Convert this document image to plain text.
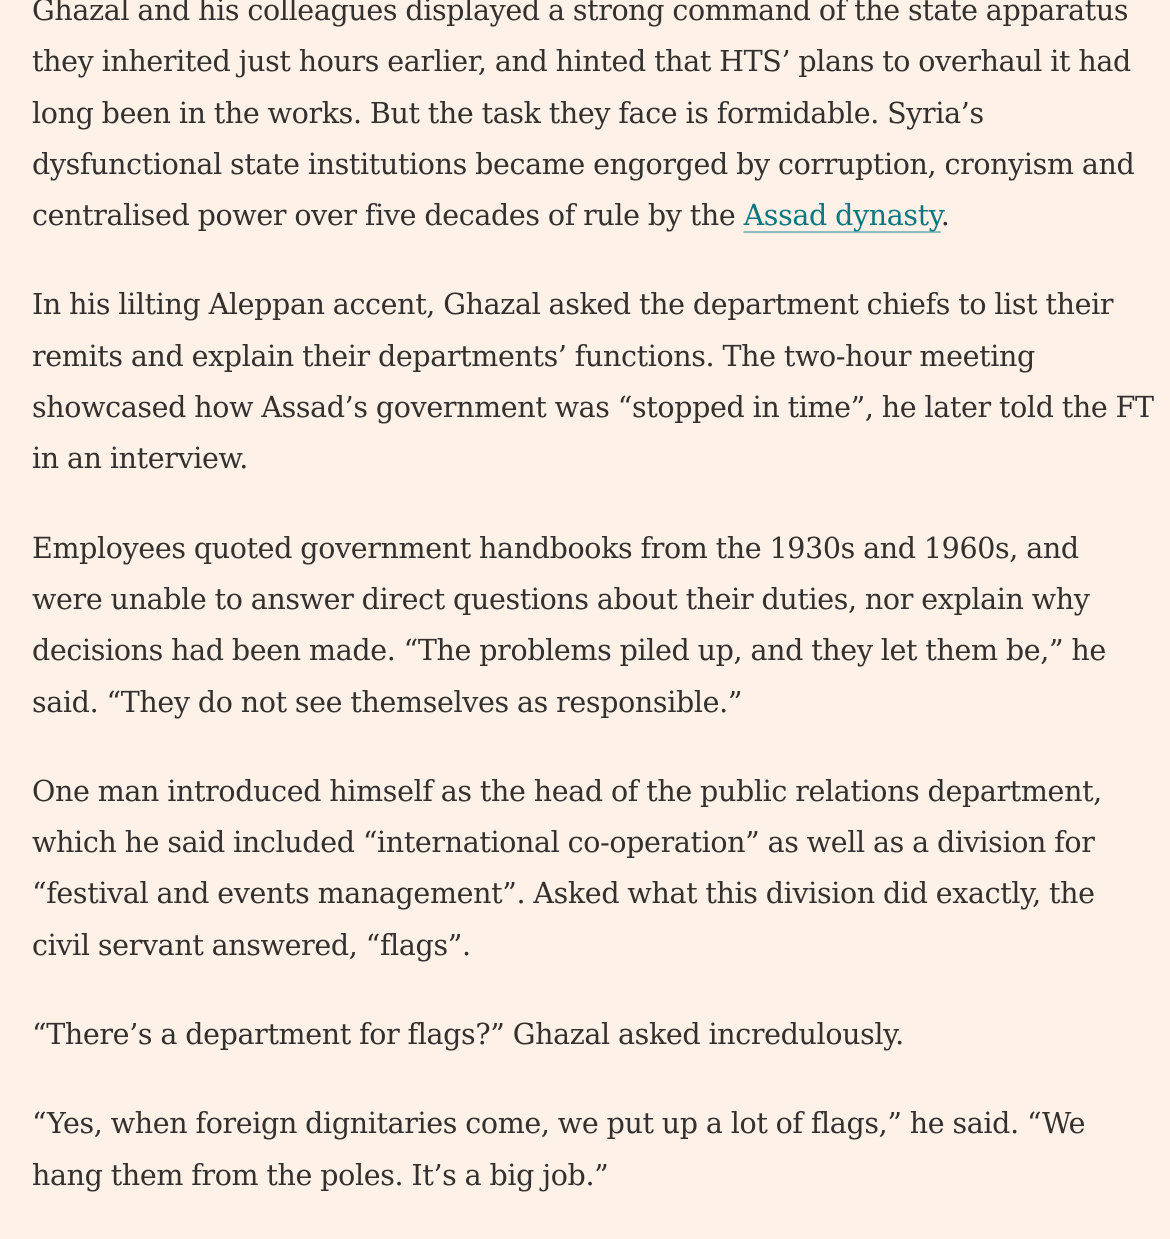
Ghazal and his colleagues displayed a strong command of the state apparatus they inherited just hours earlier, and hinted that HTS’ plans to overhaul it had long been in the works. But the task they face is formidable. Syria’s dysfunctional state institutions became engorged by corruption, cronyism and centralised power over five decades of rule by the Assad dynasty.

In his lilting Aleppan accent, Ghazal asked the department chiefs to list their remits and explain their departments’ functions. The two-hour meeting showcased how Assad’s government was “stopped in time”, he later told the FT in an interview.

Employees quoted government handbooks from the 1930s and 1960s, and were unable to answer direct questions about their duties, nor explain why decisions had been made. “The problems piled up, and they let them be,” he said. “They do not see themselves as responsible.”

One man introduced himself as the head of the public relations department, which he said included “international co-operation” as well as a division for “festival and events management”. Asked what this division did exactly, the civil servant answered, “flags”.

“There’s a department for flags?” Ghazal asked incredulously.

“Yes, when foreign dignitaries come, we put up a lot of flags,” he said. “We hang them from the poles. It’s a big job.”
